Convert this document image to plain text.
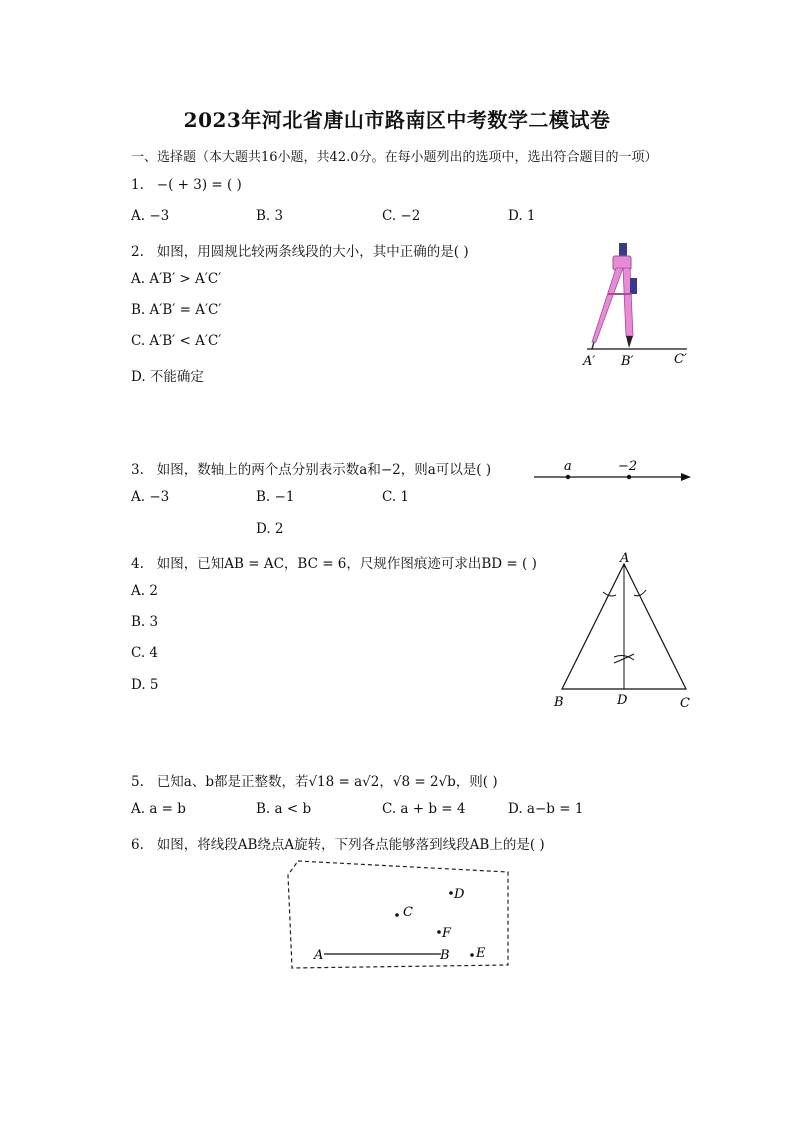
2023年河北省唐山市路南区中考数学二模试卷
一、选择题（本大题共16小题，共42.0分。在每小题列出的选项中，选出符合题目的一项）
1. −( + 3) = ( )
A. −3	B. 3	C. −2	D. 1
2. 如图，用圆规比较两条线段的大小，其中正确的是( )
A. A′B′ > A′C′
B. A′B′ = A′C′
C. A′B′ < A′C′
D. 不能确定
A′ B′	C′
3. 如图，数轴上的两个点分别表示数a和−2，则a可以是( )
A. −3	B. −1	C. 1
D. 2
a	−2
4. 如图，已知AB = AC，BC = 6，尺规作图痕迹可求出BD = ( )
A. 2
B. 3
C. 4
D. 5
A
B	D	C
5. 已知a、b都是正整数，若√18 = a√2，√8 = 2√b，则( )
A. a = b	B. a < b	C. a + b = 4	D. a−b = 1
6. 如图，将线段AB绕点A旋转，下列各点能够落到线段AB上的是( )
D
C
F
A	B E
